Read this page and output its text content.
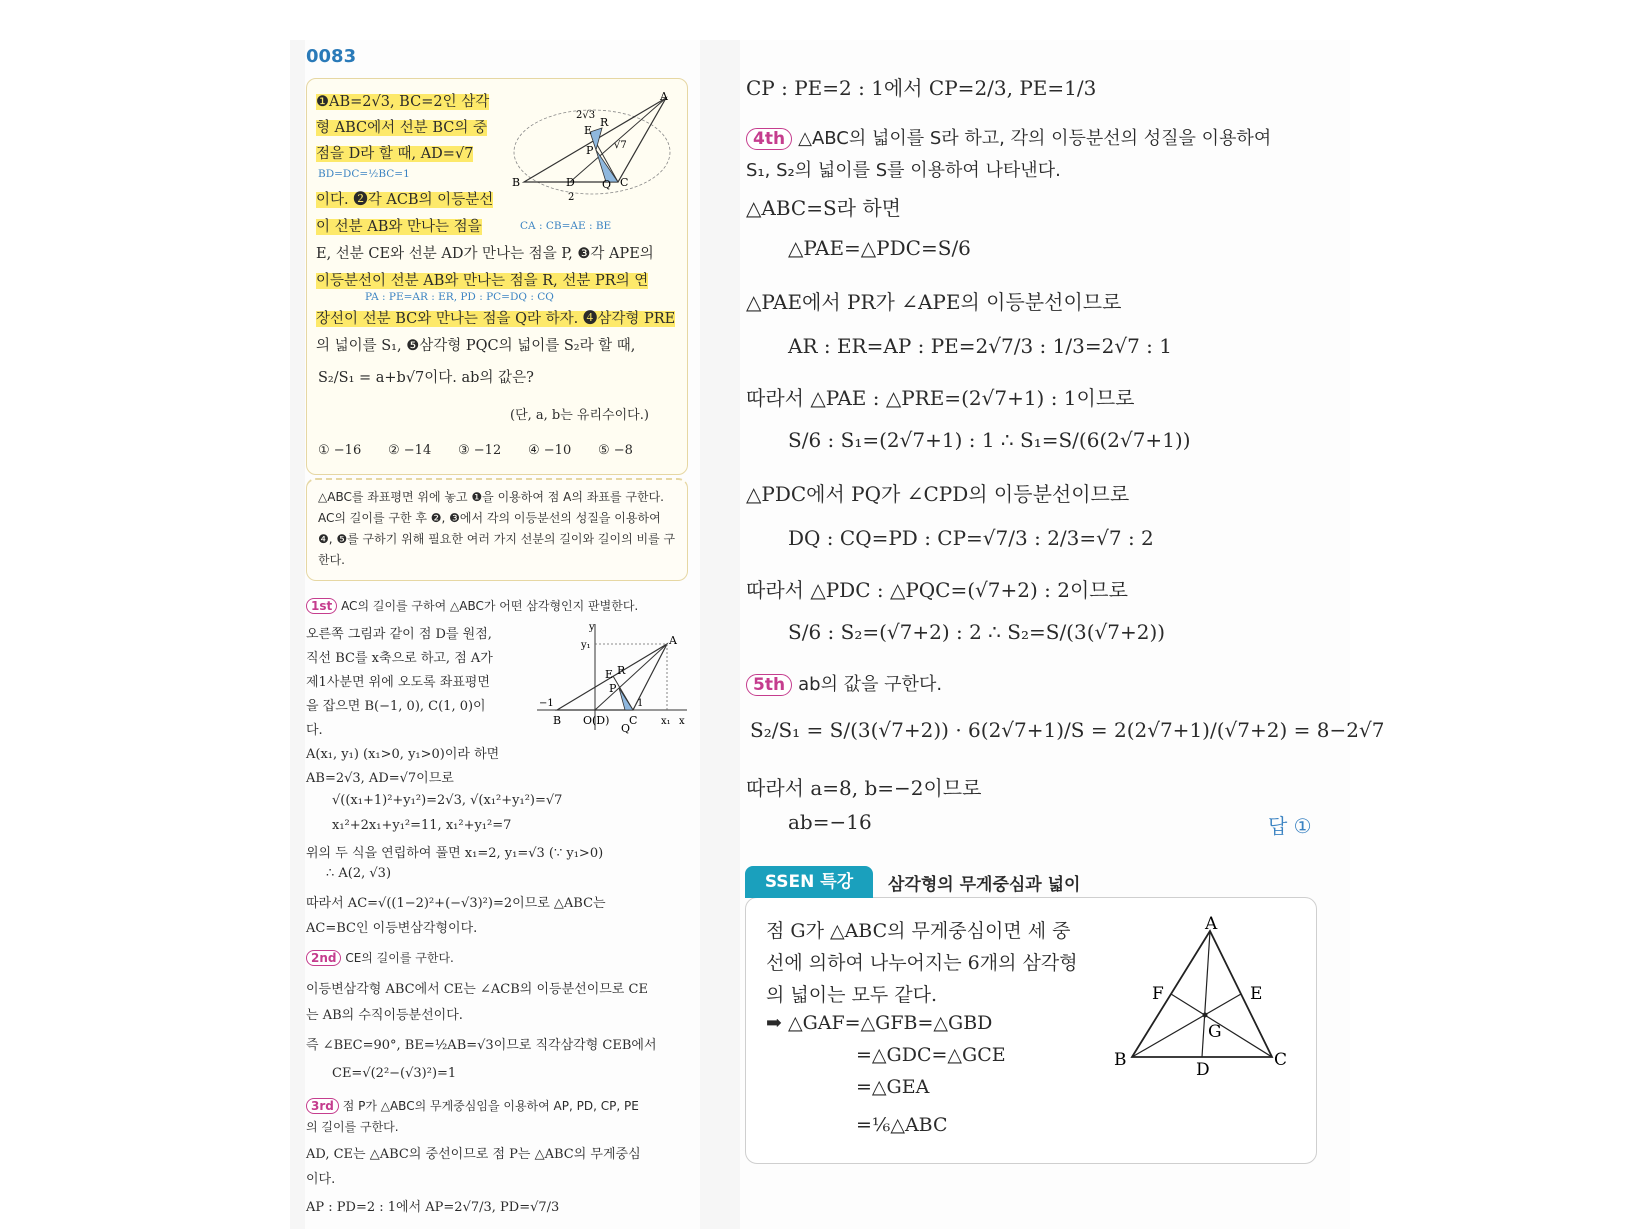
0083
❶AB=2√3, BC=2인 삼각
형 ABC에서 선분 BC의 중
점을 D라 할 때, AD=√7
BD=DC=½BC=1
이다. ❷각 ACB의 이등분선
이 선분 AB와 만나는 점을	CA : CB=AE : BE
E, 선분 CE와 선분 AD가 만나는 점을 P, ❸각 APE의
이등분선이 선분 AB와 만나는 점을 R, 선분 PR의 연
PA : PE=AR : ER, PD : PC=DQ : CQ
장선이 선분 BC와 만나는 점을 Q라 하자. ❹삼각형 PRE
의 넓이를 S₁, ❺삼각형 PQC의 넓이를 S₂라 할 때,
S₂/S₁ = a+b√7이다. ab의 값은?
(단, a, b는 유리수이다.)
① −16 ② −14 ③ −12 ④ −10 ⑤ −8
A
B	C
D Q
P
E
R
2√3
√7
2
△ABC를 좌표평면 위에 놓고 ❶을 이용하여 점 A의 좌표를 구한다.
AC의 길이를 구한 후 ❷, ❸에서 각의 이등분선의 성질을 이용하여
❹, ❺를 구하기 위해 필요한 여러 가지 선분의 길이와 길이의 비를 구
한다.
1st AC의 길이를 구하여 △ABC가 어떤 삼각형인지 판별한다.
오른쪽 그림과 같이 점 D를 원점,
직선 BC를 x축으로 하고, 점 A가
제1사분면 위에 오도록 좌표평면
을 잡으면 B(−1, 0), C(1, 0)이
다.
A(x₁, y₁) (x₁>0, y₁>0)이라 하면
AB=2√3, AD=√7이므로
√((x₁+1)²+y₁²)=2√3, √(x₁²+y₁²)=√7
x₁²+2x₁+y₁²=11, x₁²+y₁²=7
위의 두 식을 연립하여 풀면 x₁=2, y₁=√3 (∵ y₁>0)
∴ A(2, √3)
따라서 AC=√((1−2)²+(−√3)²)=2이므로 △ABC는
AC=BC인 이등변삼각형이다.
y
y₁	A
E R
P
−1
B O(D) C
1
x₁ x
Q
2nd CE의 길이를 구한다.
이등변삼각형 ABC에서 CE는 ∠ACB의 이등분선이므로 CE
는 AB의 수직이등분선이다.
즉 ∠BEC=90°, BE=½AB=√3이므로 직각삼각형 CEB에서
CE=√(2²−(√3)²)=1
3rd 점 P가 △ABC의 무게중심임을 이용하여 AP, PD, CP, PE
의 길이를 구한다.
AD, CE는 △ABC의 중선이므로 점 P는 △ABC의 무게중심
이다.
AP : PD=2 : 1에서 AP=2√7/3, PD=√7/3
CP : PE=2 : 1에서 CP=2/3, PE=1/3
4th △ABC의 넓이를 S라 하고, 각의 이등분선의 성질을 이용하여
S₁, S₂의 넓이를 S를 이용하여 나타낸다.
△ABC=S라 하면
△PAE=△PDC=S/6
△PAE에서 PR가 ∠APE의 이등분선이므로
AR : ER=AP : PE=2√7/3 : 1/3=2√7 : 1
따라서 △PAE : △PRE=(2√7+1) : 1이므로
S/6 : S₁=(2√7+1) : 1 ∴ S₁=S/(6(2√7+1))
△PDC에서 PQ가 ∠CPD의 이등분선이므로
DQ : CQ=PD : CP=√7/3 : 2/3=√7 : 2
따라서 △PDC : △PQC=(√7+2) : 2이므로
S/6 : S₂=(√7+2) : 2 ∴ S₂=S/(3(√7+2))
5th ab의 값을 구한다.
S₂/S₁ = S/(3(√7+2)) · 6(2√7+1)/S = 2(2√7+1)/(√7+2) = 8−2√7
따라서 a=8, b=−2이므로
ab=−16	답 ①
SSEN 특강	삼각형의 무게중심과 넓이
점 G가 △ABC의 무게중심이면 세 중
선에 의하여 나누어지는 6개의 삼각형
의 넓이는 모두 같다.
➡ △GAF=△GFB=△GBD
=△GDC=△GCE
=△GEA
=⅙△ABC
A
B	C
D
E
F
G
